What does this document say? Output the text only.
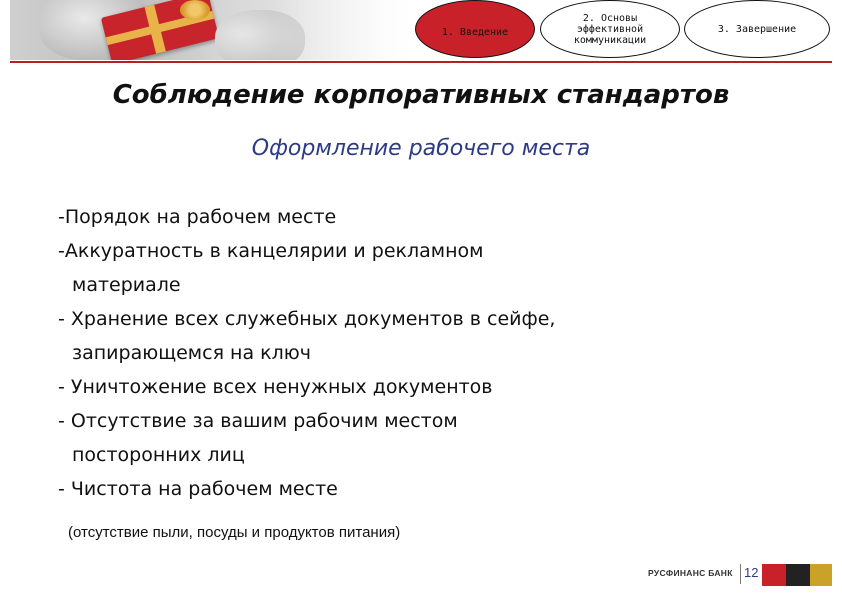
1. Введение
2. Основы
эффективной
коммуникации
3. Завершение
Соблюдение корпоративных стандартов
Оформление рабочего места
-Порядок на рабочем месте
-Аккуратность в канцелярии и рекламном
материале
- Хранение всех служебных документов в сейфе,
запирающемся на ключ
- Уничтожение всех ненужных документов
- Отсутствие за вашим рабочим местом
посторонних лиц
- Чистота на рабочем месте
(отсутствие пыли, посуды и продуктов питания)
РУСФИНАНС БАНК 12
